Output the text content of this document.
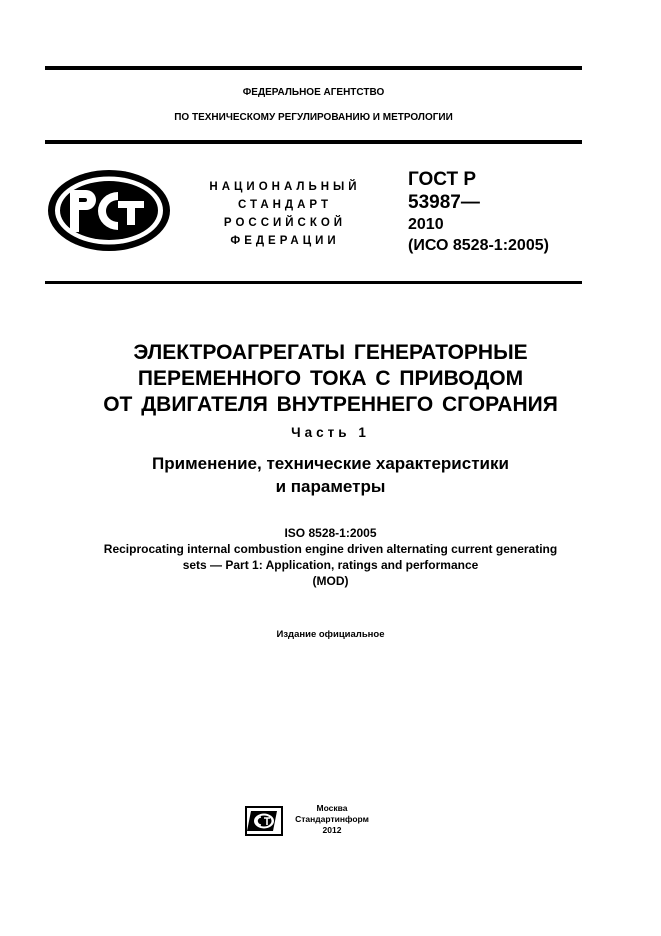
ФЕДЕРАЛЬНОЕ АГЕНТСТВО
ПО ТЕХНИЧЕСКОМУ РЕГУЛИРОВАНИЮ И МЕТРОЛОГИИ
НАЦИОНАЛЬНЫЙ
СТАНДАРТ
РОССИЙСКОЙ
ФЕДЕРАЦИИ
ГОСТ Р
53987—
2010
(ИСО 8528-1:2005)
ЭЛЕКТРОАГРЕГАТЫ ГЕНЕРАТОРНЫЕ
ПЕРЕМЕННОГО ТОКА С ПРИВОДОМ
ОТ ДВИГАТЕЛЯ ВНУТРЕННЕГО СГОРАНИЯ
Часть 1
Применение, технические характеристики
и параметры
ISO 8528-1:2005
Reciprocating internal combustion engine driven alternating current generating
sets — Part 1: Application, ratings and performance
(MOD)
Издание официальное
Москва
Стандартинформ
2012
